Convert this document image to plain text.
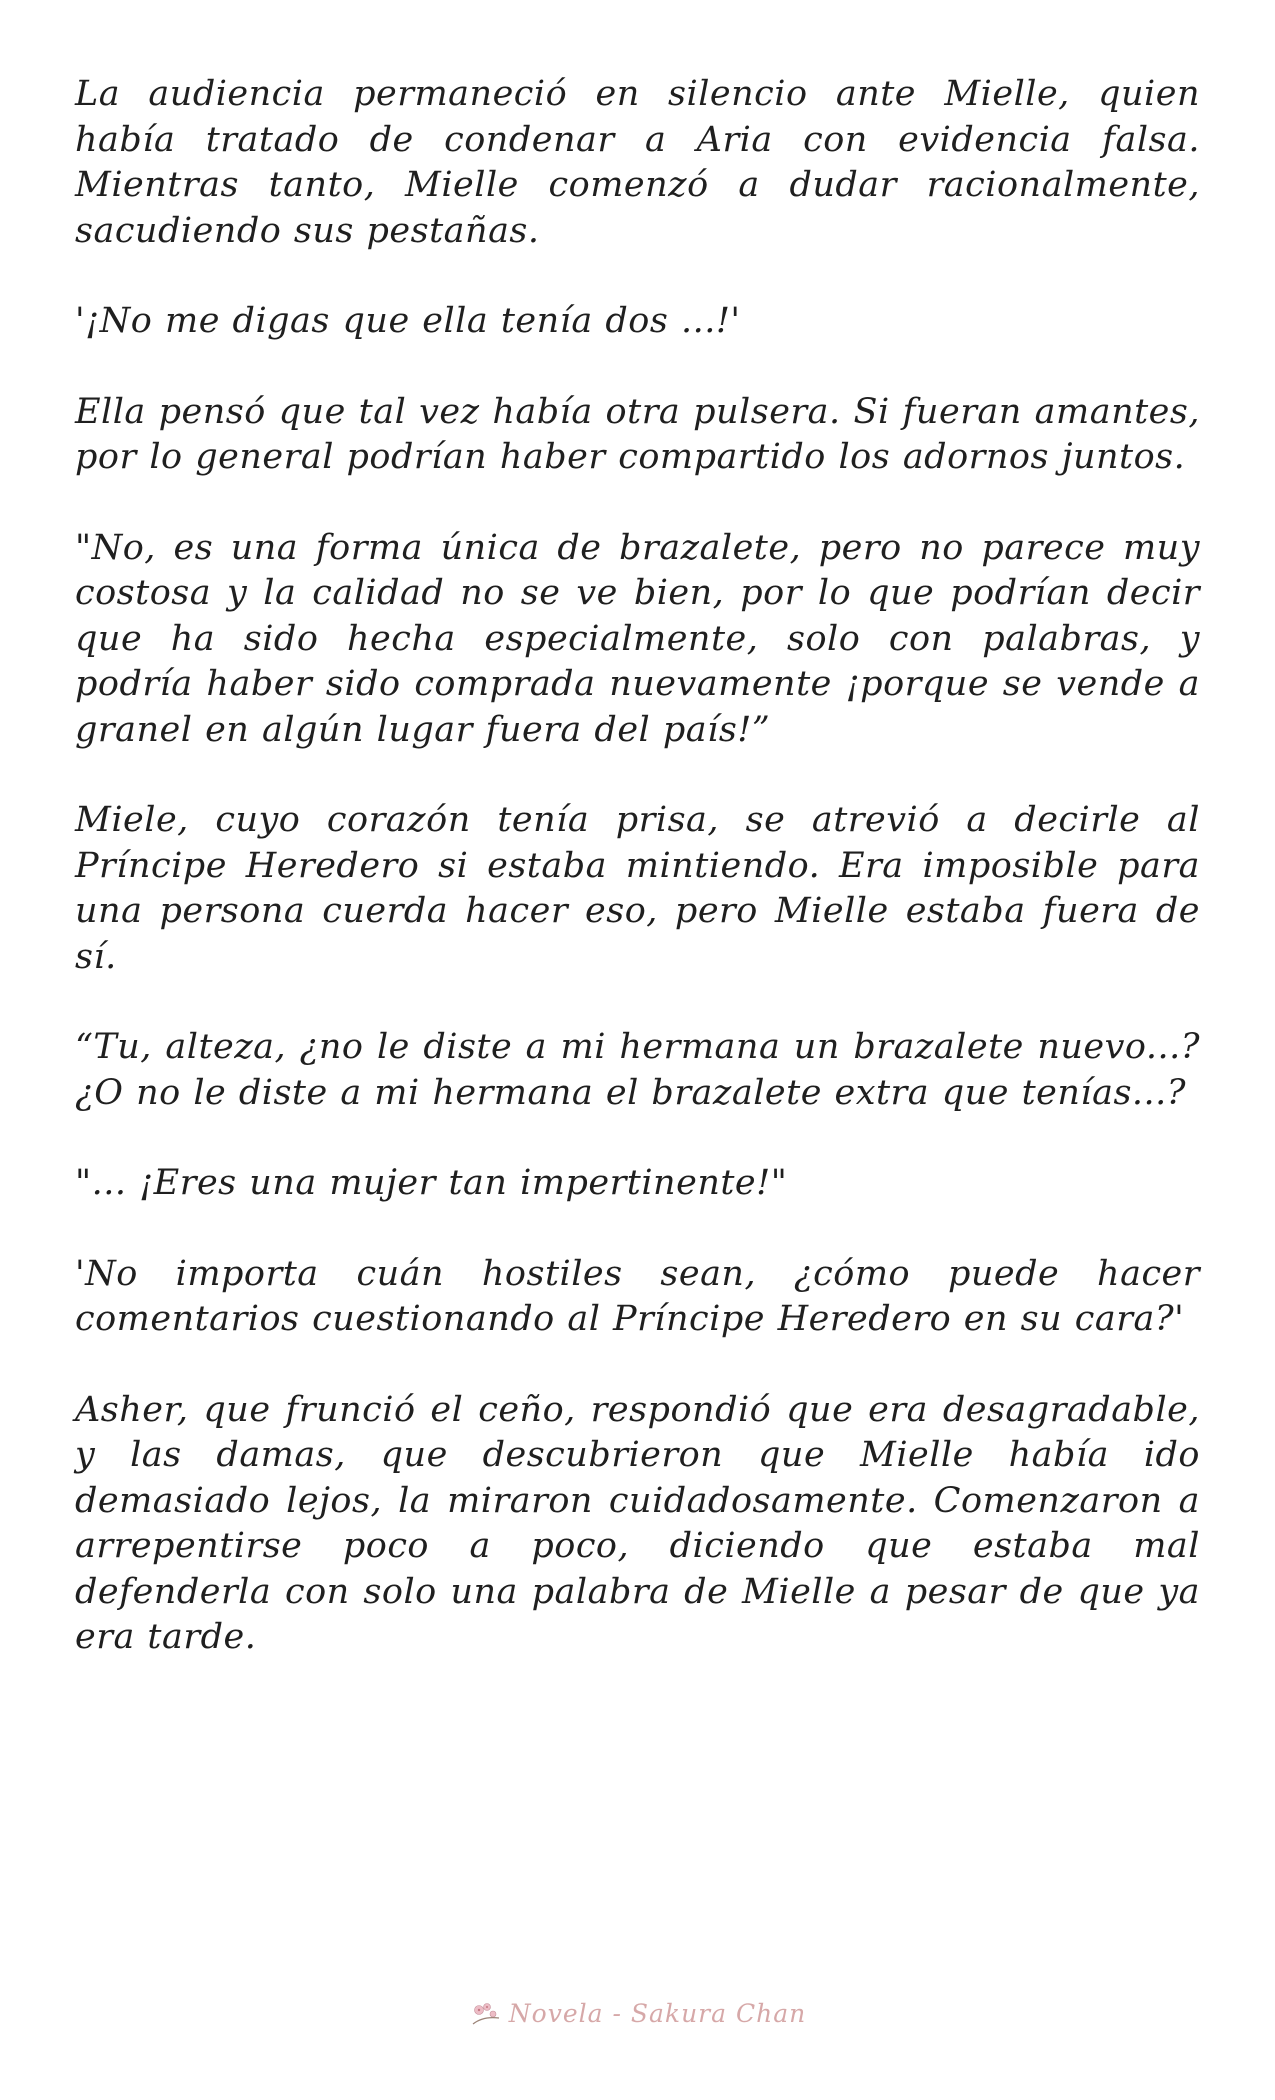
La audiencia permaneció en silencio ante Mielle, quien había tratado de condenar a Aria con evidencia falsa. Mientras tanto, Mielle comenzó a dudar racionalmente, sacudiendo sus pestañas.

'¡No me digas que ella tenía dos ...!'

Ella pensó que tal vez había otra pulsera. Si fueran amantes, por lo general podrían haber compartido los adornos juntos.

"No, es una forma única de brazalete, pero no parece muy costosa y la calidad no se ve bien, por lo que podrían decir que ha sido hecha especialmente, solo con palabras, y podría haber sido comprada nuevamente ¡porque se vende a granel en algún lugar fuera del país!”

Miele, cuyo corazón tenía prisa, se atrevió a decirle al Príncipe Heredero si estaba mintiendo. Era imposible para una persona cuerda hacer eso, pero Mielle estaba fuera de sí.

“Tu, alteza, ¿no le diste a mi hermana un brazalete nuevo...? ¿O no le diste a mi hermana el brazalete extra que tenías...?

"... ¡Eres una mujer tan impertinente!"

'No importa cuán hostiles sean, ¿cómo puede hacer comentarios cuestionando al Príncipe Heredero en su cara?'

Asher, que frunció el ceño, respondió que era desagradable, y las damas, que descubrieron que Mielle había ido demasiado lejos, la miraron cuidadosamente. Comenzaron a arrepentirse poco a poco, diciendo que estaba mal defenderla con solo una palabra de Mielle a pesar de que ya era tarde.

Novela - Sakura Chan
